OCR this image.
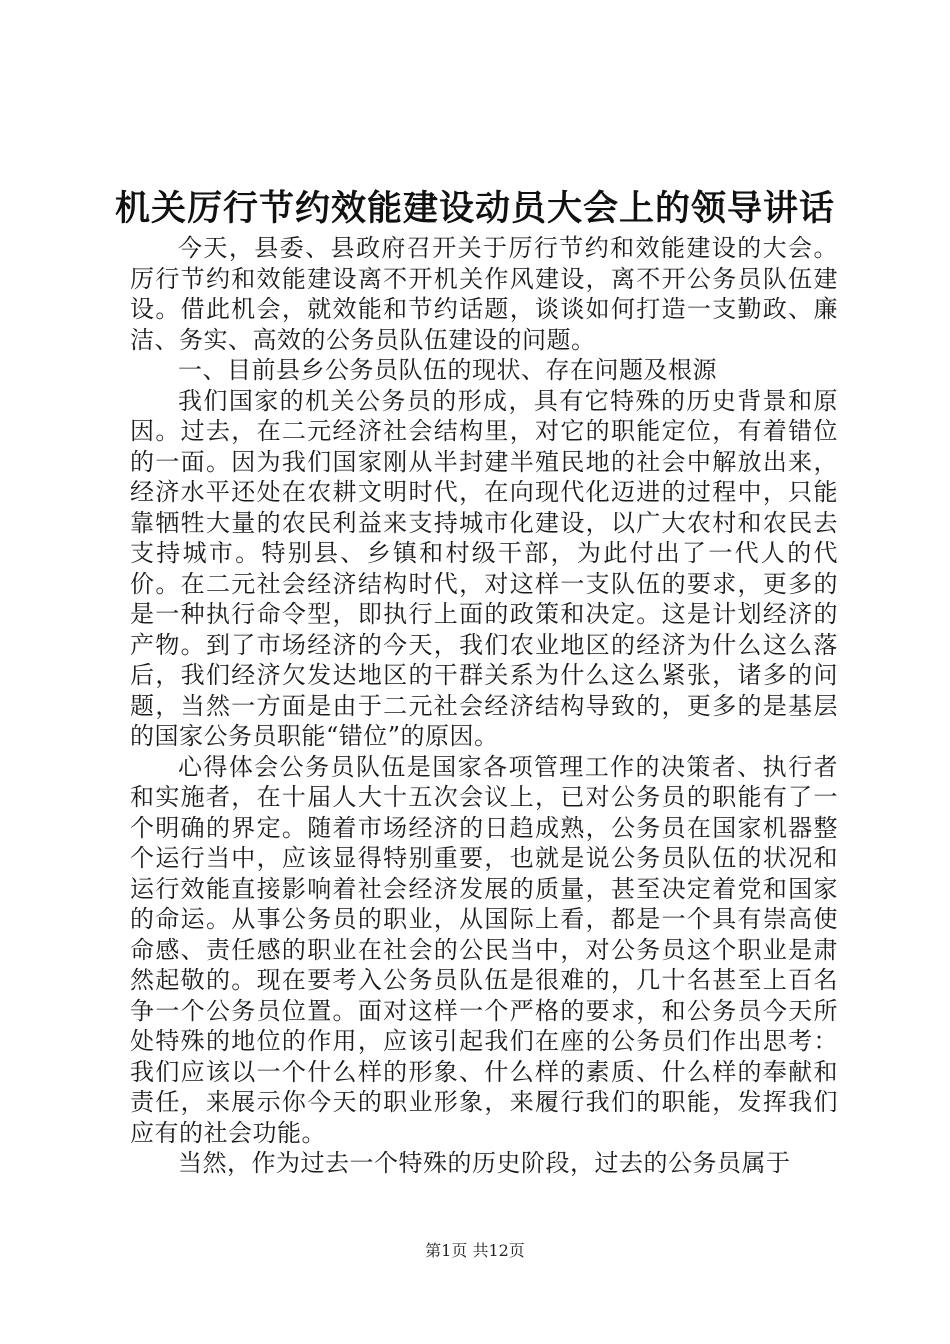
机关厉行节约效能建设动员大会上的领导讲话

今天，县委、县政府召开关于厉行节约和效能建设的大会。厉行节约和效能建设离不开机关作风建设，离不开公务员队伍建设。借此机会，就效能和节约话题，谈谈如何打造一支勤政、廉洁、务实、高效的公务员队伍建设的问题。

一、目前县乡公务员队伍的现状、存在问题及根源

我们国家的机关公务员的形成，具有它特殊的历史背景和原因。过去，在二元经济社会结构里，对它的职能定位，有着错位的一面。因为我们国家刚从半封建半殖民地的社会中解放出来，经济水平还处在农耕文明时代，在向现代化迈进的过程中，只能靠牺牲大量的农民利益来支持城市化建设，以广大农村和农民去支持城市。特别县、乡镇和村级干部，为此付出了一代人的代价。在二元社会经济结构时代，对这样一支队伍的要求，更多的是一种执行命令型，即执行上面的政策和决定。这是计划经济的产物。到了市场经济的今天，我们农业地区的经济为什么这么落后，我们经济欠发达地区的干群关系为什么这么紧张，诸多的问题，当然一方面是由于二元社会经济结构导致的，更多的是基层的国家公务员职能“错位”的原因。

心得体会公务员队伍是国家各项管理工作的决策者、执行者和实施者，在十届人大十五次会议上，已对公务员的职能有了一个明确的界定。随着市场经济的日趋成熟，公务员在国家机器整个运行当中，应该显得特别重要，也就是说公务员队伍的状况和运行效能直接影响着社会经济发展的质量，甚至决定着党和国家的命运。从事公务员的职业，从国际上看，都是一个具有崇高使命感、责任感的职业在社会的公民当中，对公务员这个职业是肃然起敬的。现在要考入公务员队伍是很难的，几十名甚至上百名争一个公务员位置。面对这样一个严格的要求，和公务员今天所处特殊的地位的作用，应该引起我们在座的公务员们作出思考：我们应该以一个什么样的形象、什么样的素质、什么样的奉献和责任，来展示你今天的职业形象，来履行我们的职能，发挥我们应有的社会功能。

当然，作为过去一个特殊的历史阶段，过去的公务员属于

第1页 共12页
